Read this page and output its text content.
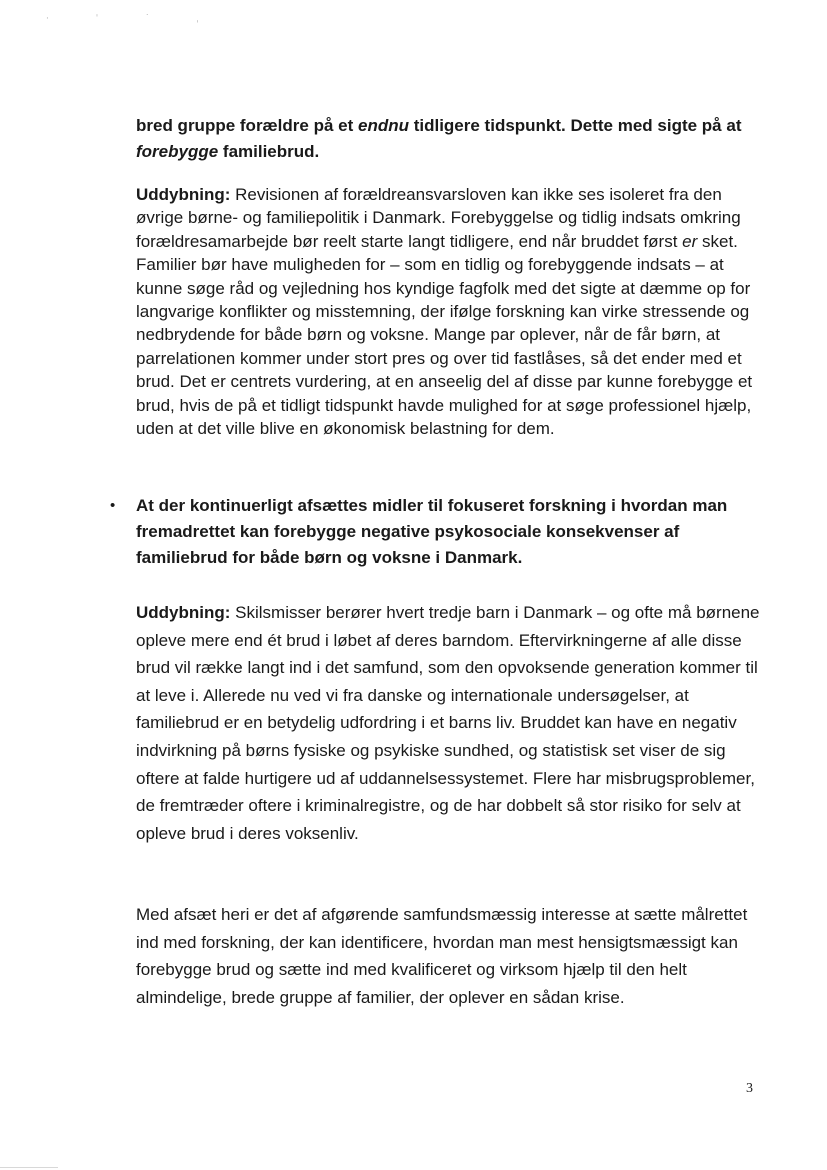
· ˈ ˙ ˌ

bred gruppe forældre på et endnu tidligere tidspunkt. Dette med sigte på at forebygge familiebrud.

Uddybning: Revisionen af forældreansvarsloven kan ikke ses isoleret fra den øvrige børne- og familiepolitik i Danmark. Forebyggelse og tidlig indsats omkring forældresamarbejde bør reelt starte langt tidligere, end når bruddet først er sket. Familier bør have muligheden for – som en tidlig og forebyggende indsats – at kunne søge råd og vejledning hos kyndige fagfolk med det sigte at dæmme op for langvarige konflikter og misstemning, der ifølge forskning kan virke stressende og nedbrydende for både børn og voksne. Mange par oplever, når de får børn, at parrelationen kommer under stort pres og over tid fastlåses, så det ender med et brud. Det er centrets vurdering, at en anseelig del af disse par kunne forebygge et brud, hvis de på et tidligt tidspunkt havde mulighed for at søge professionel hjælp, uden at det ville blive en økonomisk belastning for dem.

• At der kontinuerligt afsættes midler til fokuseret forskning i hvordan man fremadrettet kan forebygge negative psykosociale konsekvenser af familiebrud for både børn og voksne i Danmark.

Uddybning: Skilsmisser berører hvert tredje barn i Danmark – og ofte må børnene opleve mere end ét brud i løbet af deres barndom. Eftervirkningerne af alle disse brud vil række langt ind i det samfund, som den opvoksende generation kommer til at leve i. Allerede nu ved vi fra danske og internationale undersøgelser, at familiebrud er en betydelig udfordring i et barns liv. Bruddet kan have en negativ indvirkning på børns fysiske og psykiske sundhed, og statistisk set viser de sig oftere at falde hurtigere ud af uddannelsessystemet. Flere har misbrugsproblemer, de fremtræder oftere i kriminalregistre, og de har dobbelt så stor risiko for selv at opleve brud i deres voksenliv.

Med afsæt heri er det af afgørende samfundsmæssig interesse at sætte målrettet ind med forskning, der kan identificere, hvordan man mest hensigtsmæssigt kan forebygge brud og sætte ind med kvalificeret og virksom hjælp til den helt almindelige, brede gruppe af familier, der oplever en sådan krise.

3
